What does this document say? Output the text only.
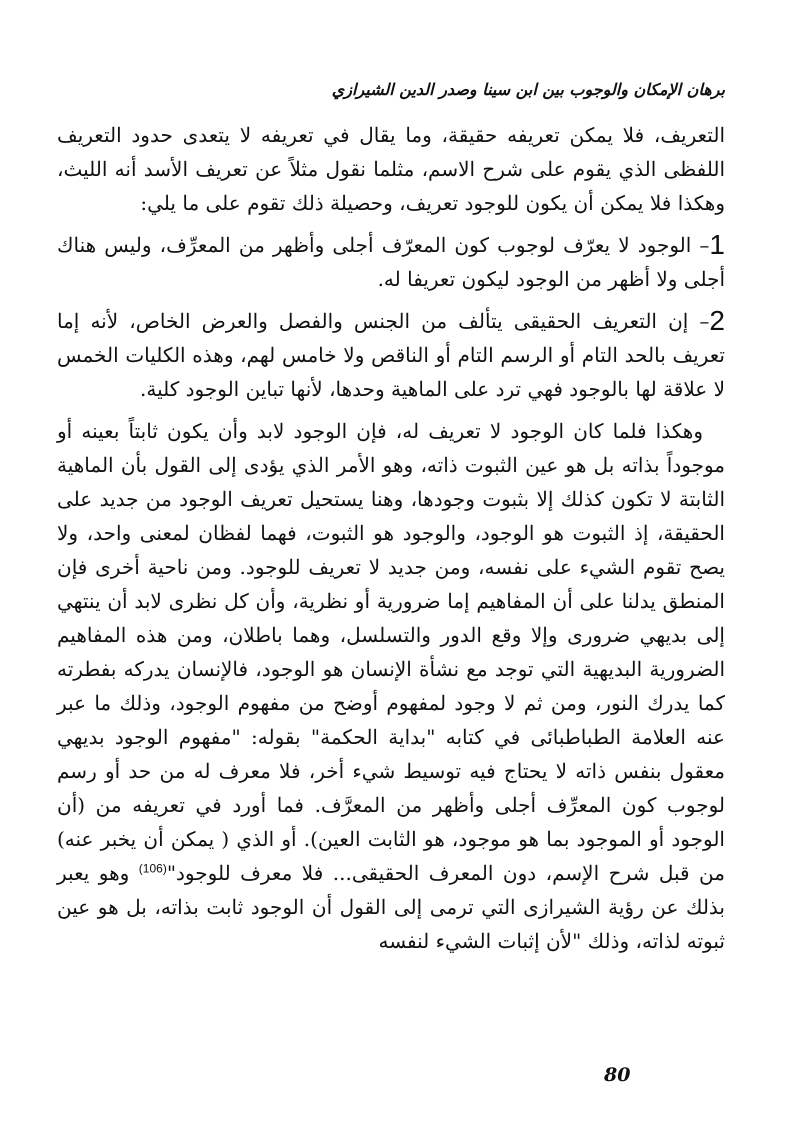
برهان الإمكان والوجوب بين ابن سينا وصدر الدين الشيرازي

التعريف، فلا يمكن تعريفه حقيقة، وما يقال في تعريفه لا يتعدى حدود التعريف اللفظى الذي يقوم على شرح الاسم، مثلما نقول مثلاً عن تعريف الأسد أنه الليث، وهكذا فلا يمكن أن يكون للوجود تعريف، وحصيلة ذلك تقوم على ما يلي:

1– الوجود لا يعرّف لوجوب كون المعرّف أجلى وأظهر من المعرِّف، وليس هناك أجلى ولا أظهر من الوجود ليكون تعريفا له.

2– إن التعريف الحقيقى يتألف من الجنس والفصل والعرض الخاص، لأنه إما تعريف بالحد التام أو الرسم التام أو الناقص ولا خامس لهم، وهذه الكليات الخمس لا علاقة لها بالوجود فهي ترد على الماهية وحدها، لأنها تباين الوجود كلية.

وهكذا فلما كان الوجود لا تعريف له، فإن الوجود لابد وأن يكون ثابتاً بعينه أو موجوداً بذاته بل هو عين الثبوت ذاته، وهو الأمر الذي يؤدى إلى القول بأن الماهية الثابتة لا تكون كذلك إلا بثبوت وجودها، وهنا يستحيل تعريف الوجود من جديد على الحقيقة، إذ الثبوت هو الوجود، والوجود هو الثبوت، فهما لفظان لمعنى واحد، ولا يصح تقوم الشيء على نفسه، ومن جديد لا تعريف للوجود. ومن ناحية أخرى فإن المنطق يدلنا على أن المفاهيم إما ضرورية أو نظرية، وأن كل نظرى لابد أن ينتهي إلى بديهي ضرورى وإلا وقع الدور والتسلسل، وهما باطلان، ومن هذه المفاهيم الضرورية البديهية التي توجد مع نشأة الإنسان هو الوجود، فالإنسان يدركه بفطرته كما يدرك النور، ومن ثم لا وجود لمفهوم أوضح من مفهوم الوجود، وذلك ما عبر عنه العلامة الطباطبائى في كتابه "بداية الحكمة" بقوله: "مفهوم الوجود بديهي معقول بنفس ذاته لا يحتاج فيه توسيط شيء أخر، فلا معرف له من حد أو رسم لوجوب كون المعرِّف أجلى وأظهر من المعرَّف. فما أورد في تعريفه من (أن الوجود أو الموجود بما هو موجود، هو الثابت العين). أو الذي ( يمكن أن يخبر عنه) من قبل شرح الإسم، دون المعرف الحقيقى... فلا معرف للوجود"$^{(106)}$ وهو يعبر بذلك عن رؤية الشيرازى التي ترمى إلى القول أن الوجود ثابت بذاته، بل هو عين ثبوته لذاته، وذلك "لأن إثبات الشيء لنفسه

80
